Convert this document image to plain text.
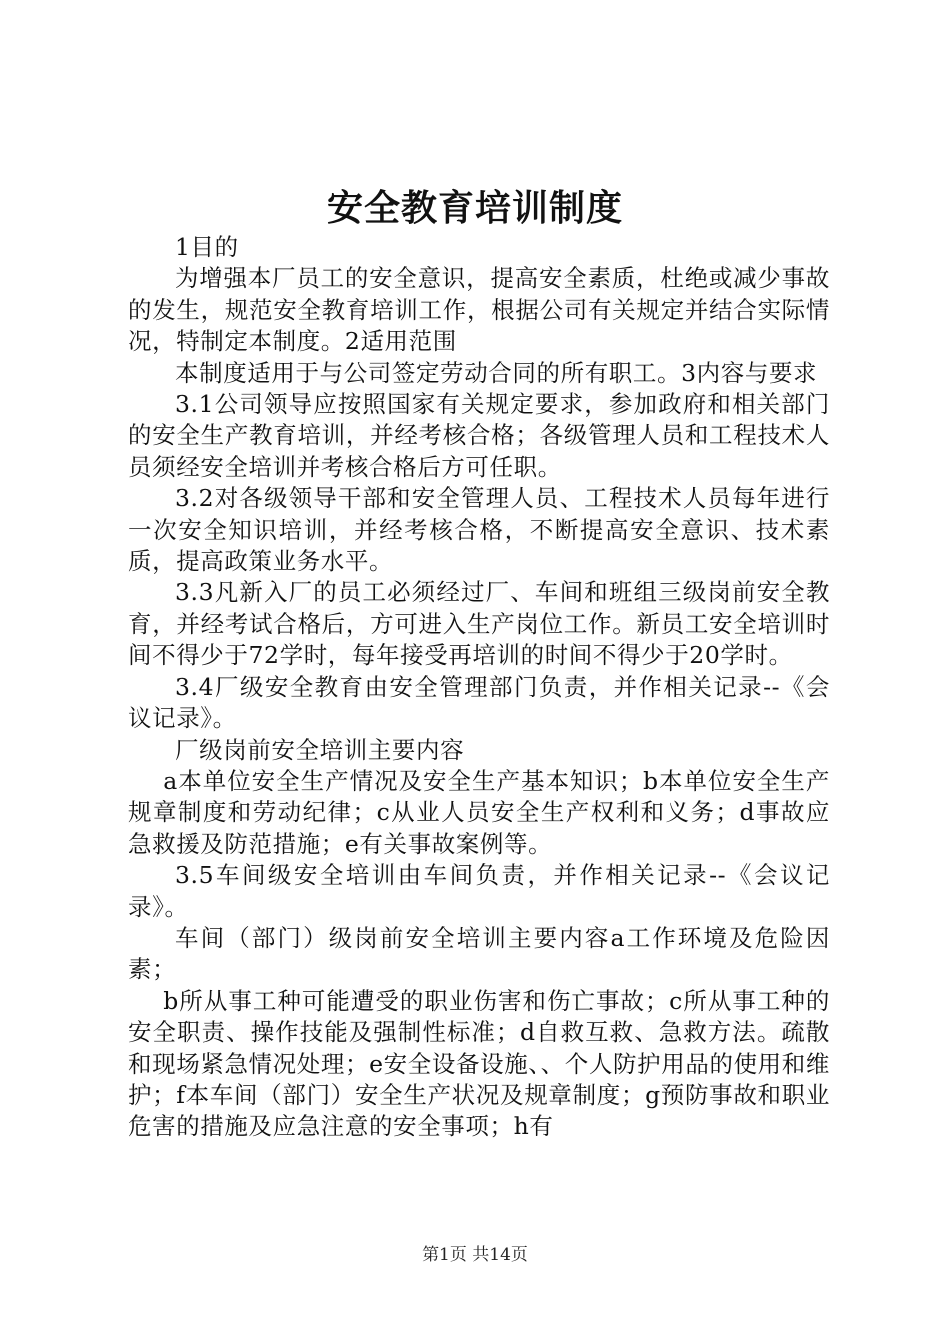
安全教育培训制度

1目的

为增强本厂员工的安全意识，提高安全素质，杜绝或减少事故的发生，规范安全教育培训工作，根据公司有关规定并结合实际情况，特制定本制度。2适用范围

本制度适用于与公司签定劳动合同的所有职工。3内容与要求

3.1公司领导应按照国家有关规定要求，参加政府和相关部门的安全生产教育培训，并经考核合格；各级管理人员和工程技术人员须经安全培训并考核合格后方可任职。

3.2对各级领导干部和安全管理人员、工程技术人员每年进行一次安全知识培训，并经考核合格，不断提高安全意识、技术素质，提高政策业务水平。

3.3凡新入厂的员工必须经过厂、车间和班组三级岗前安全教育，并经考试合格后，方可进入生产岗位工作。新员工安全培训时间不得少于72学时，每年接受再培训的时间不得少于20学时。

3.4厂级安全教育由安全管理部门负责，并作相关记录--《会议记录》。

厂级岗前安全培训主要内容

a本单位安全生产情况及安全生产基本知识；b本单位安全生产规章制度和劳动纪律；c从业人员安全生产权利和义务；d事故应急救援及防范措施；e有关事故案例等。

3.5车间级安全培训由车间负责，并作相关记录--《会议记录》。

车间（部门）级岗前安全培训主要内容a工作环境及危险因素；

b所从事工种可能遭受的职业伤害和伤亡事故；c所从事工种的安全职责、操作技能及强制性标准；d自救互救、急救方法。疏散和现场紧急情况处理；e安全设备设施、、个人防护用品的使用和维护；f本车间（部门）安全生产状况及规章制度；g预防事故和职业危害的措施及应急注意的安全事项；h有

第1页 共14页
